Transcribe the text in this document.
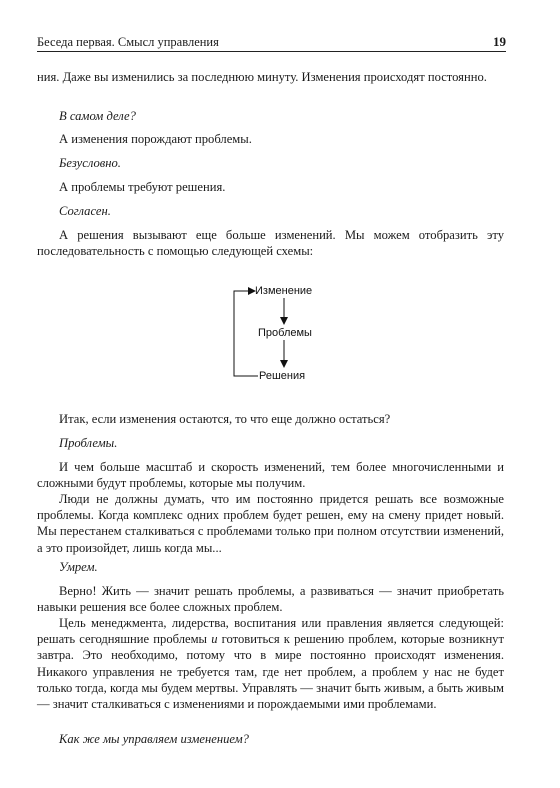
Беседа первая. Смысл управления	19

ния. Даже вы изменились за последнюю минуту. Изменения происходят постоянно.

В самом деле?

А изменения порождают проблемы.

Безусловно.

А проблемы требуют решения.

Согласен.

А решения вызывают еще больше изменений. Мы можем отобразить эту последовательность с помощью следующей схемы:

Изменение
Проблемы
Решения

Итак, если изменения остаются, то что еще должно остаться?

Проблемы.

И чем больше масштаб и скорость изменений, тем более многочисленными и сложными будут проблемы, которые мы получим.

Люди не должны думать, что им постоянно придется решать все возможные проблемы. Когда комплекс одних проблем будет решен, ему на смену придет новый. Мы перестанем сталкиваться с проблемами только при полном отсутствии изменений, а это произойдет, лишь когда мы...

Умрем.

Верно! Жить — значит решать проблемы, а развиваться — значит приобретать навыки решения все более сложных проблем.

Цель менеджмента, лидерства, воспитания или правления является следующей: решать сегодняшние проблемы и готовиться к решению проблем, которые возникнут завтра. Это необходимо, потому что в мире постоянно происходят изменения. Никакого управления не требуется там, где нет проблем, а проблем у нас не будет только тогда, когда мы будем мертвы. Управлять — значит быть живым, а быть живым — значит сталкиваться с изменениями и порождаемыми ими проблемами.

Как же мы управляем изменением?
